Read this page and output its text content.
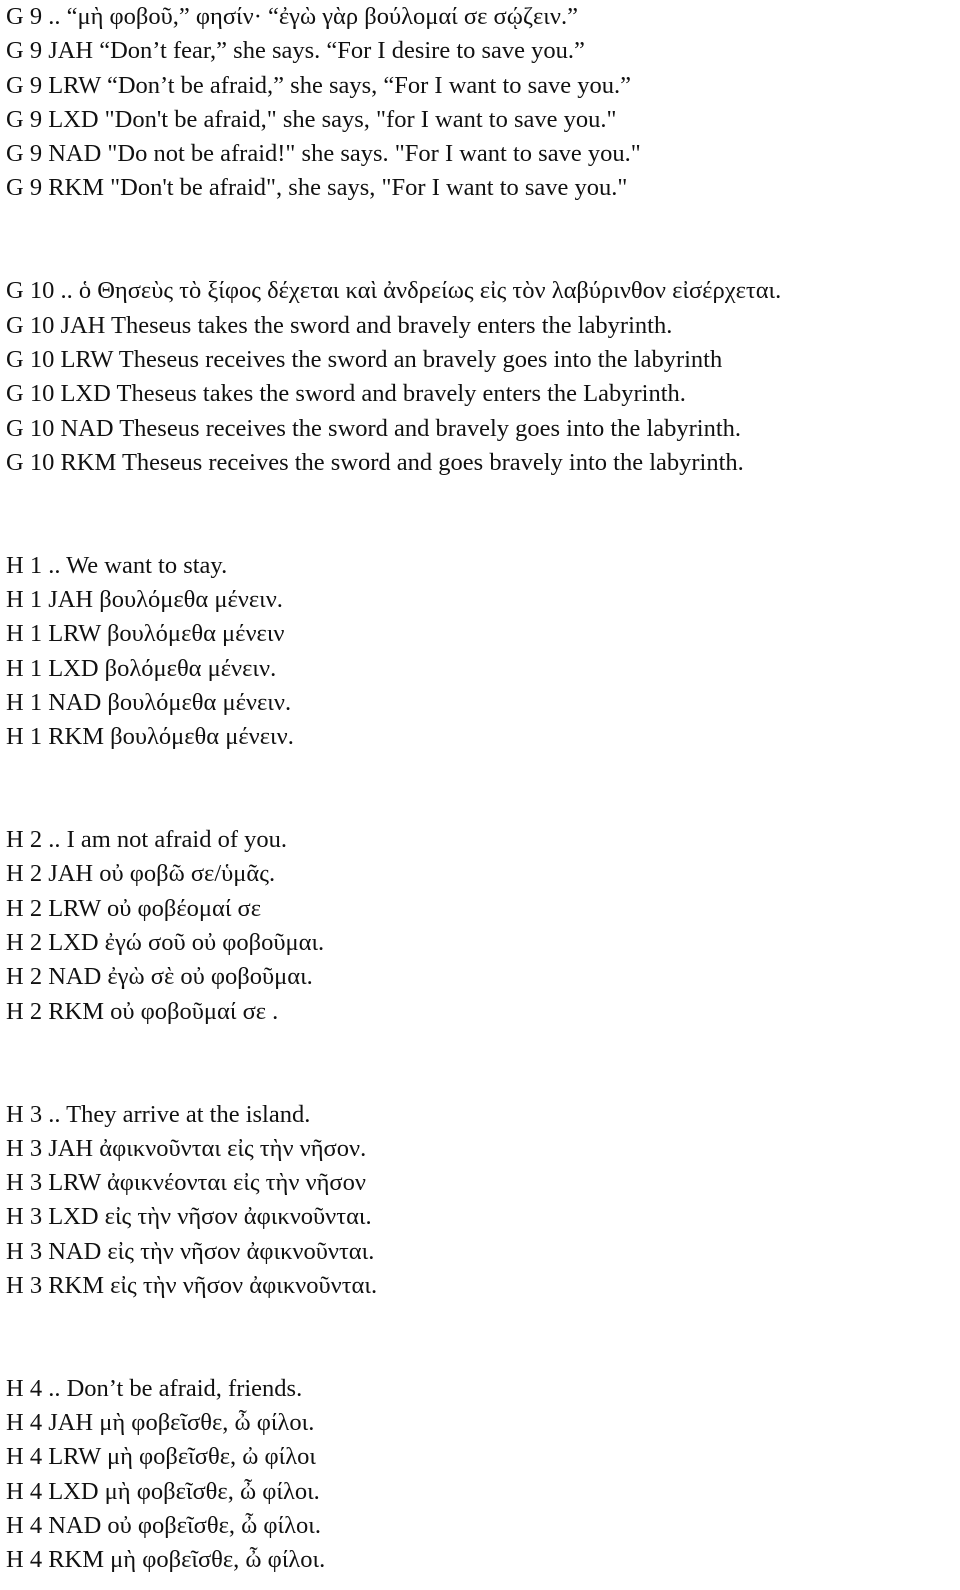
G 9 .. “μὴ φοβοῦ,” φησίν· “ἐγὼ γὰρ βούλομαί σε σῴζειν.”
G 9 JAH “Don’t fear,” she says. “For I desire to save you.”
G 9 LRW “Don’t be afraid,” she says, “For I want to save you.”
G 9 LXD "Don't be afraid," she says, "for I want to save you."
G 9 NAD "Do not be afraid!" she says. "For I want to save you."
G 9 RKM "Don't be afraid", she says, "For I want to save you."
G 10 .. ὁ Θησεὺς τὸ ξίφος δέχεται καὶ ἀνδρείως εἰς τὸν λαβύρινθον εἰσέρχεται.
G 10 JAH Theseus takes the sword and bravely enters the labyrinth.
G 10 LRW Theseus receives the sword an bravely goes into the labyrinth
G 10 LXD Theseus takes the sword and bravely enters the Labyrinth.
G 10 NAD Theseus receives the sword and bravely goes into the labyrinth.
G 10 RKM Theseus receives the sword and goes bravely into the labyrinth.
H 1 .. We want to stay.
H 1 JAH βουλόμεθα μένειν.
H 1 LRW βουλόμεθα μένειν
H 1 LXD βολόμεθα μένειν.
H 1 NAD βουλόμεθα μένειν.
H 1 RKM βουλόμεθα μένειν.
H 2 .. I am not afraid of you.
H 2 JAH οὐ φοβῶ σε/ὑμᾶς.
H 2 LRW οὐ φοβέομαί σε
H 2 LXD ἐγώ σοῦ οὐ φοβοῦμαι.
H 2 NAD ἐγὼ σὲ οὐ φοβοῦμαι.
H 2 RKM οὐ φοβοῦμαί σε .
H 3 .. They arrive at the island.
H 3 JAH ἀφικνοῦνται εἰς τὴν νῆσον.
H 3 LRW ἀφικνέονται εἰς τὴν νῆσον
H 3 LXD εἰς τὴν νῆσον ἀφικνοῦνται.
H 3 NAD εἰς τὴν νῆσον ἀφικνοῦνται.
H 3 RKM εἰς τὴν νῆσον ἀφικνοῦνται.
H 4 .. Don’t be afraid, friends.
H 4 JAH μὴ φοβεῖσθε, ὦ φίλοι.
H 4 LRW μὴ φοβεῖσθε, ὠ φίλοι
H 4 LXD μὴ φοβεῖσθε, ὦ φίλοι.
H 4 NAD οὐ φοβεῖσθε, ὦ φίλοι.
H 4 RKM μὴ φοβεῖσθε, ὦ φίλοι.
